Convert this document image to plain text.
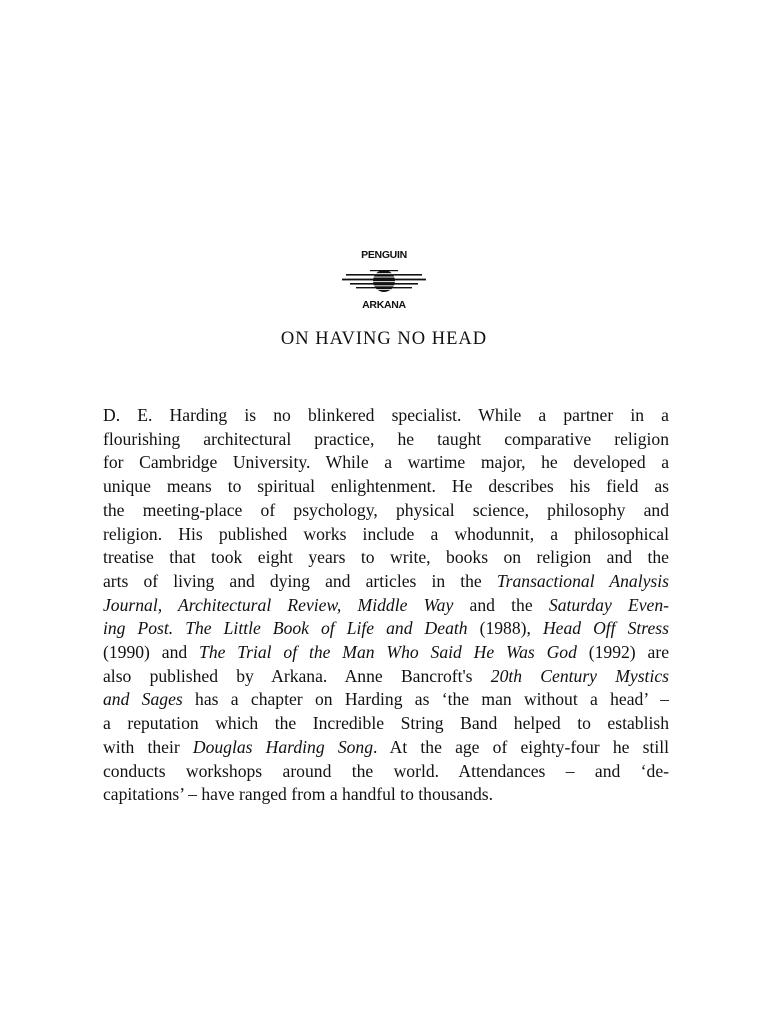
PENGUIN
ARKANA
ON HAVING NO HEAD

D. E. Harding is no blinkered specialist. While a partner in a
flourishing architectural practice, he taught comparative religion
for Cambridge University. While a wartime major, he developed a
unique means to spiritual enlightenment. He describes his field as
the meeting-place of psychology, physical science, philosophy and
religion. His published works include a whodunnit, a philosophical
treatise that took eight years to write, books on religion and the
arts of living and dying and articles in the Transactional Analysis
Journal, Architectural Review, Middle Way and the Saturday Even-
ing Post. The Little Book of Life and Death (1988), Head Off Stress
(1990) and The Trial of the Man Who Said He Was God (1992) are
also published by Arkana. Anne Bancroft's 20th Century Mystics
and Sages has a chapter on Harding as ‘the man without a head’ –
a reputation which the Incredible String Band helped to establish
with their Douglas Harding Song. At the age of eighty-four he still
conducts workshops around the world. Attendances – and ‘de-
capitations’ – have ranged from a handful to thousands.
